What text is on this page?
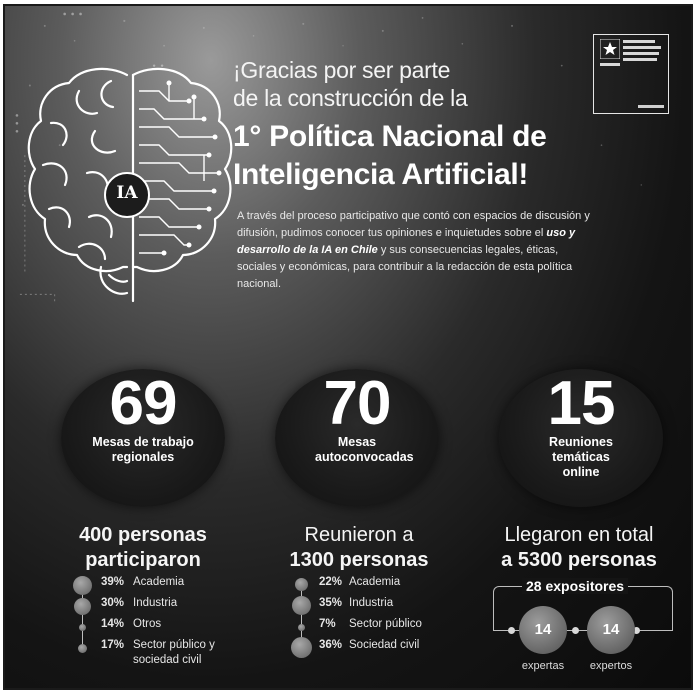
IA
¡Gracias por ser parte
de la construcción de la
1° Política Nacional de
Inteligencia Artificial!
A través del proceso participativo que contó con espacios de discusión y difusión, pudimos conocer tus opiniones e inquietudes sobre el uso y desarrollo de la IA en Chile y sus consecuencias legales, éticas, sociales y económicas, para contribuir a la redacción de esta política nacional.
69
Mesas de trabajo regionales
70
Mesas autoconvocadas
15
Reuniones temáticas online
400 personas
participaron
Reunieron a
1300 personas
Llegaron en total
a 5300 personas
39% Academia
30% Industria
14% Otros
17% Sector público y
sociedad civil
22% Academia
35% Industria
7% Sector público
36% Sociedad civil
28 expositores
14	14
expertas	expertos
